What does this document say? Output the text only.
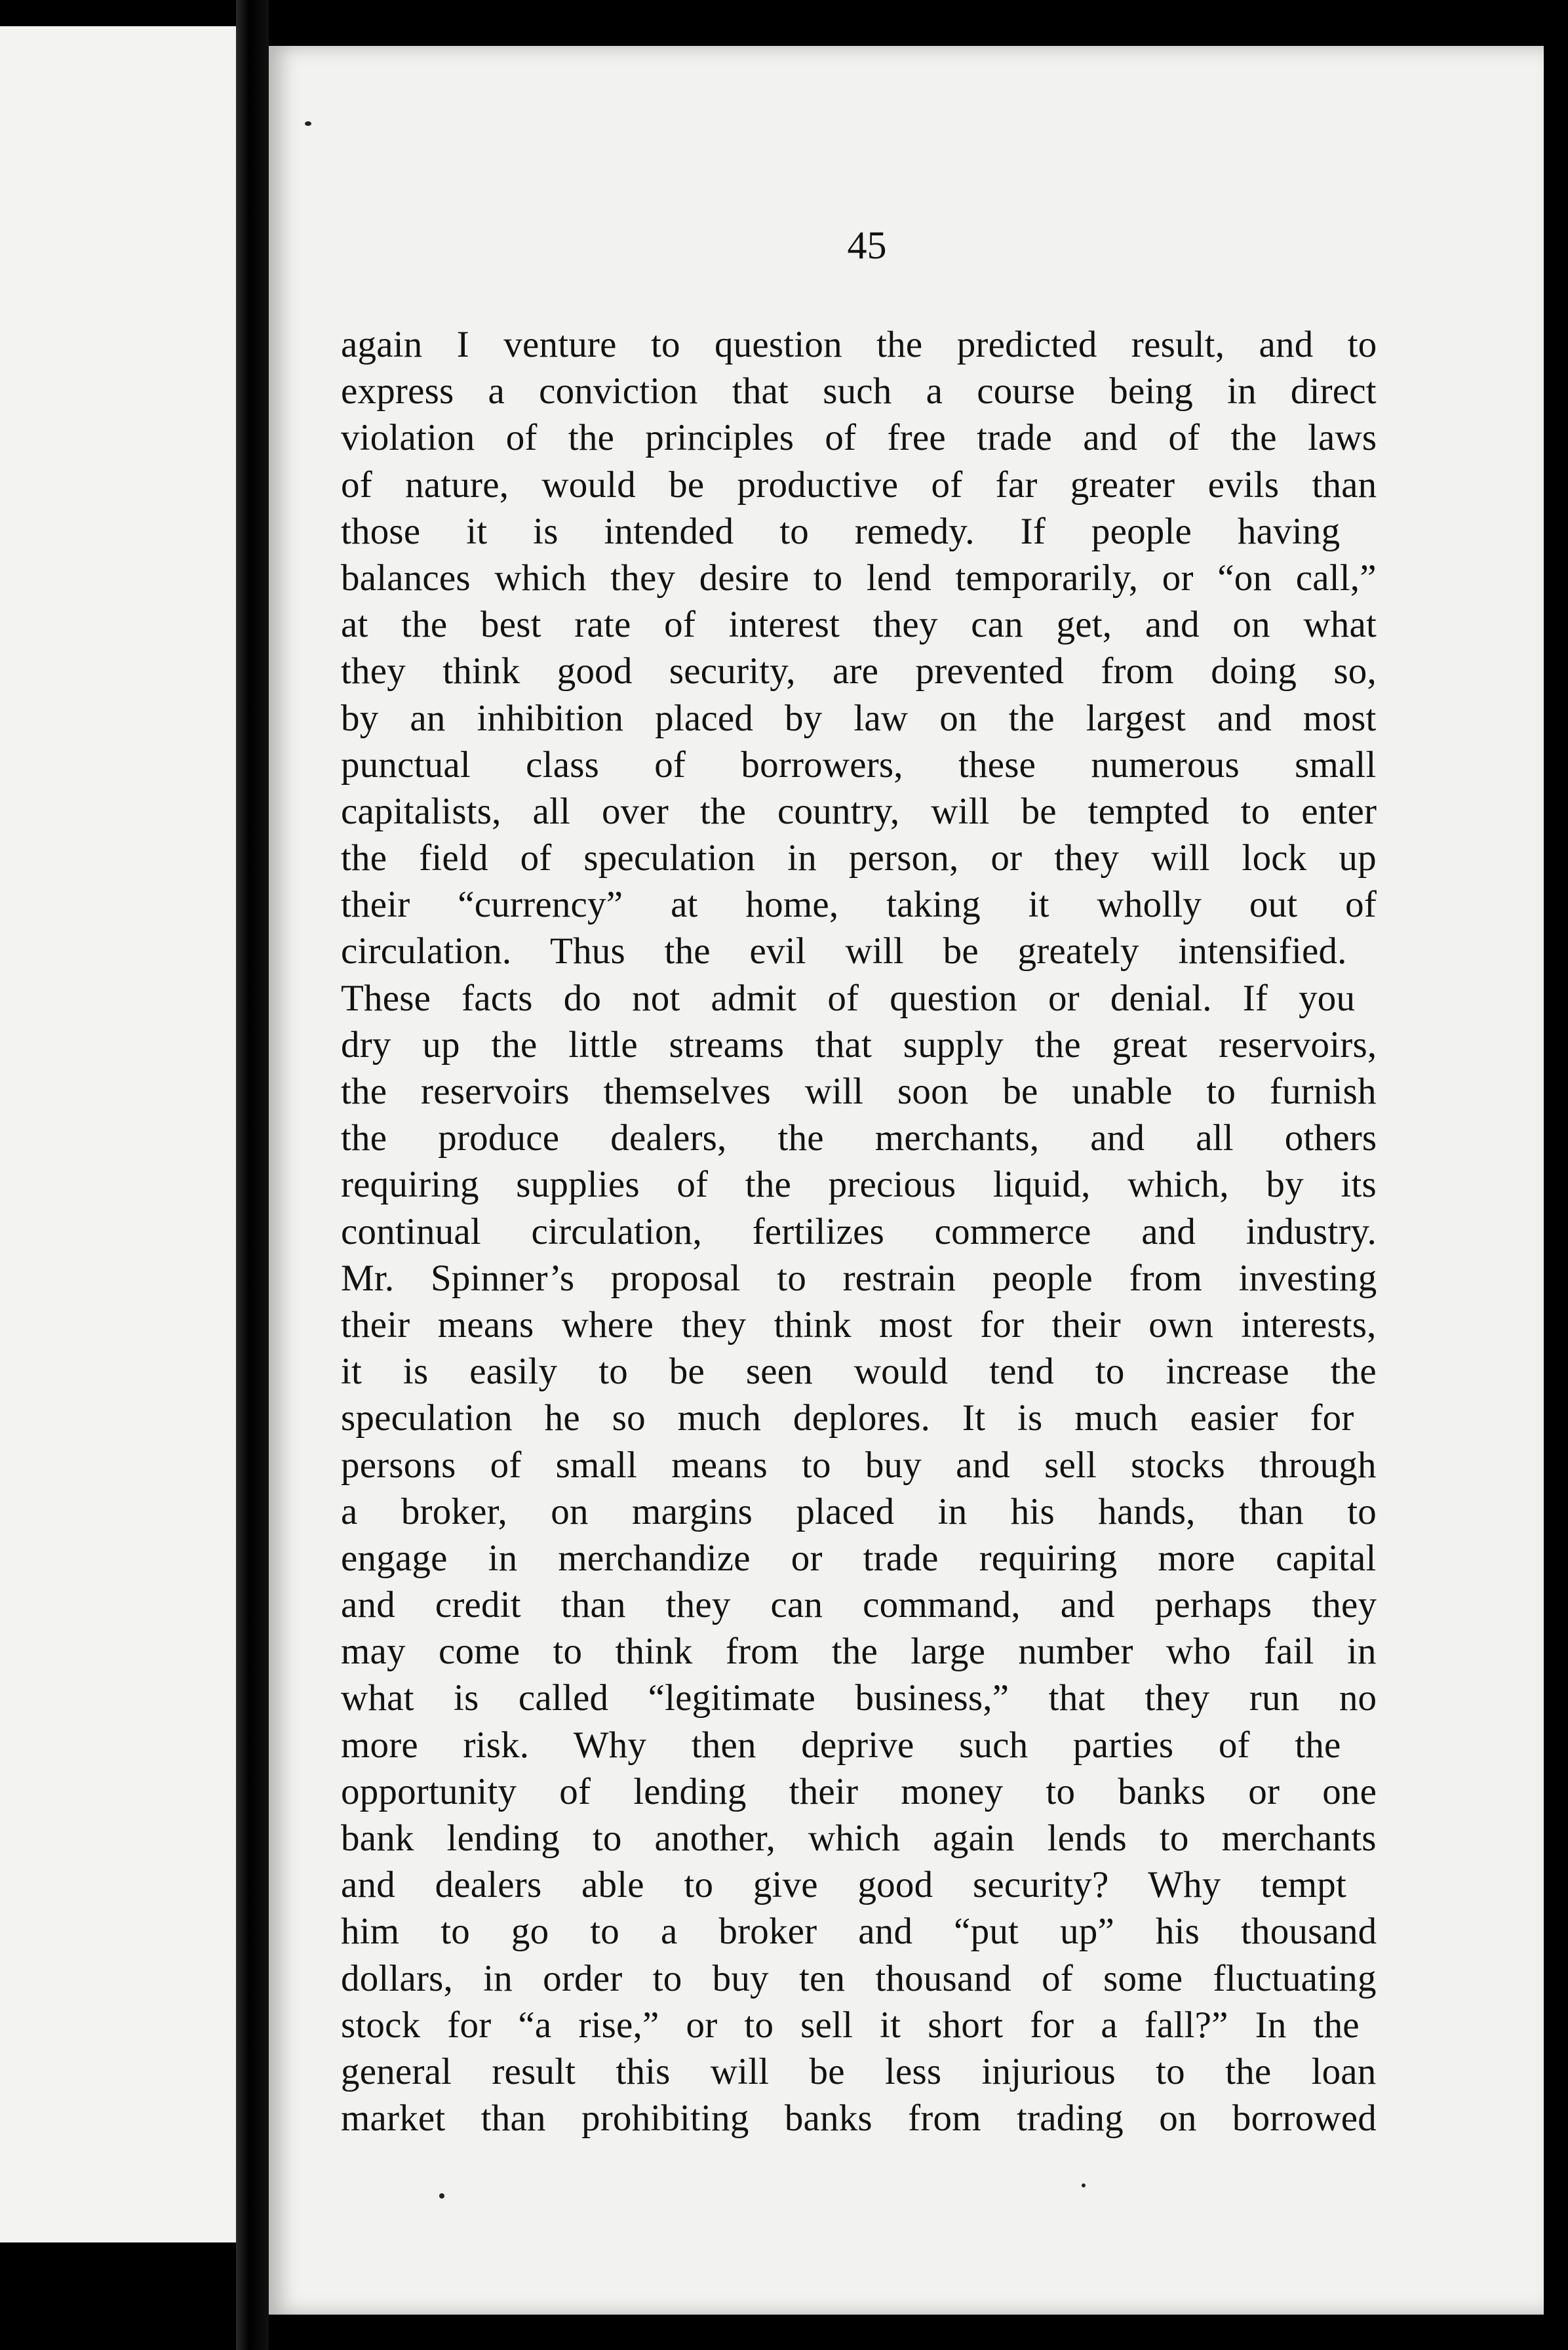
45
again I venture to question the predicted result, and to
express a conviction that such a course being in direct
violation of the principles of free trade and of the laws
of nature, would be productive of far greater evils than
those it is intended to remedy. If people having
balances which they desire to lend temporarily, or “on call,”
at the best rate of interest they can get, and on what
they think good security, are prevented from doing so,
by an inhibition placed by law on the largest and most
punctual class of borrowers, these numerous small
capitalists, all over the country, will be tempted to enter
the field of speculation in person, or they will lock up
their “currency” at home, taking it wholly out of
circulation. Thus the evil will be greately intensified.
These facts do not admit of question or denial. If you
dry up the little streams that supply the great reservoirs,
the reservoirs themselves will soon be unable to furnish
the produce dealers, the merchants, and all others
requiring supplies of the precious liquid, which, by its
continual circulation, fertilizes commerce and industry.
Mr. Spinner’s proposal to restrain people from investing
their means where they think most for their own interests,
it is easily to be seen would tend to increase the
speculation he so much deplores. It is much easier for
persons of small means to buy and sell stocks through
a broker, on margins placed in his hands, than to
engage in merchandize or trade requiring more capital
and credit than they can command, and perhaps they
may come to think from the large number who fail in
what is called “legitimate business,” that they run no
more risk. Why then deprive such parties of the
opportunity of lending their money to banks or one
bank lending to another, which again lends to merchants
and dealers able to give good security? Why tempt
him to go to a broker and “put up” his thousand
dollars, in order to buy ten thousand of some fluctuating
stock for “a rise,” or to sell it short for a fall?” In the
general result this will be less injurious to the loan
market than prohibiting banks from trading on borrowed
